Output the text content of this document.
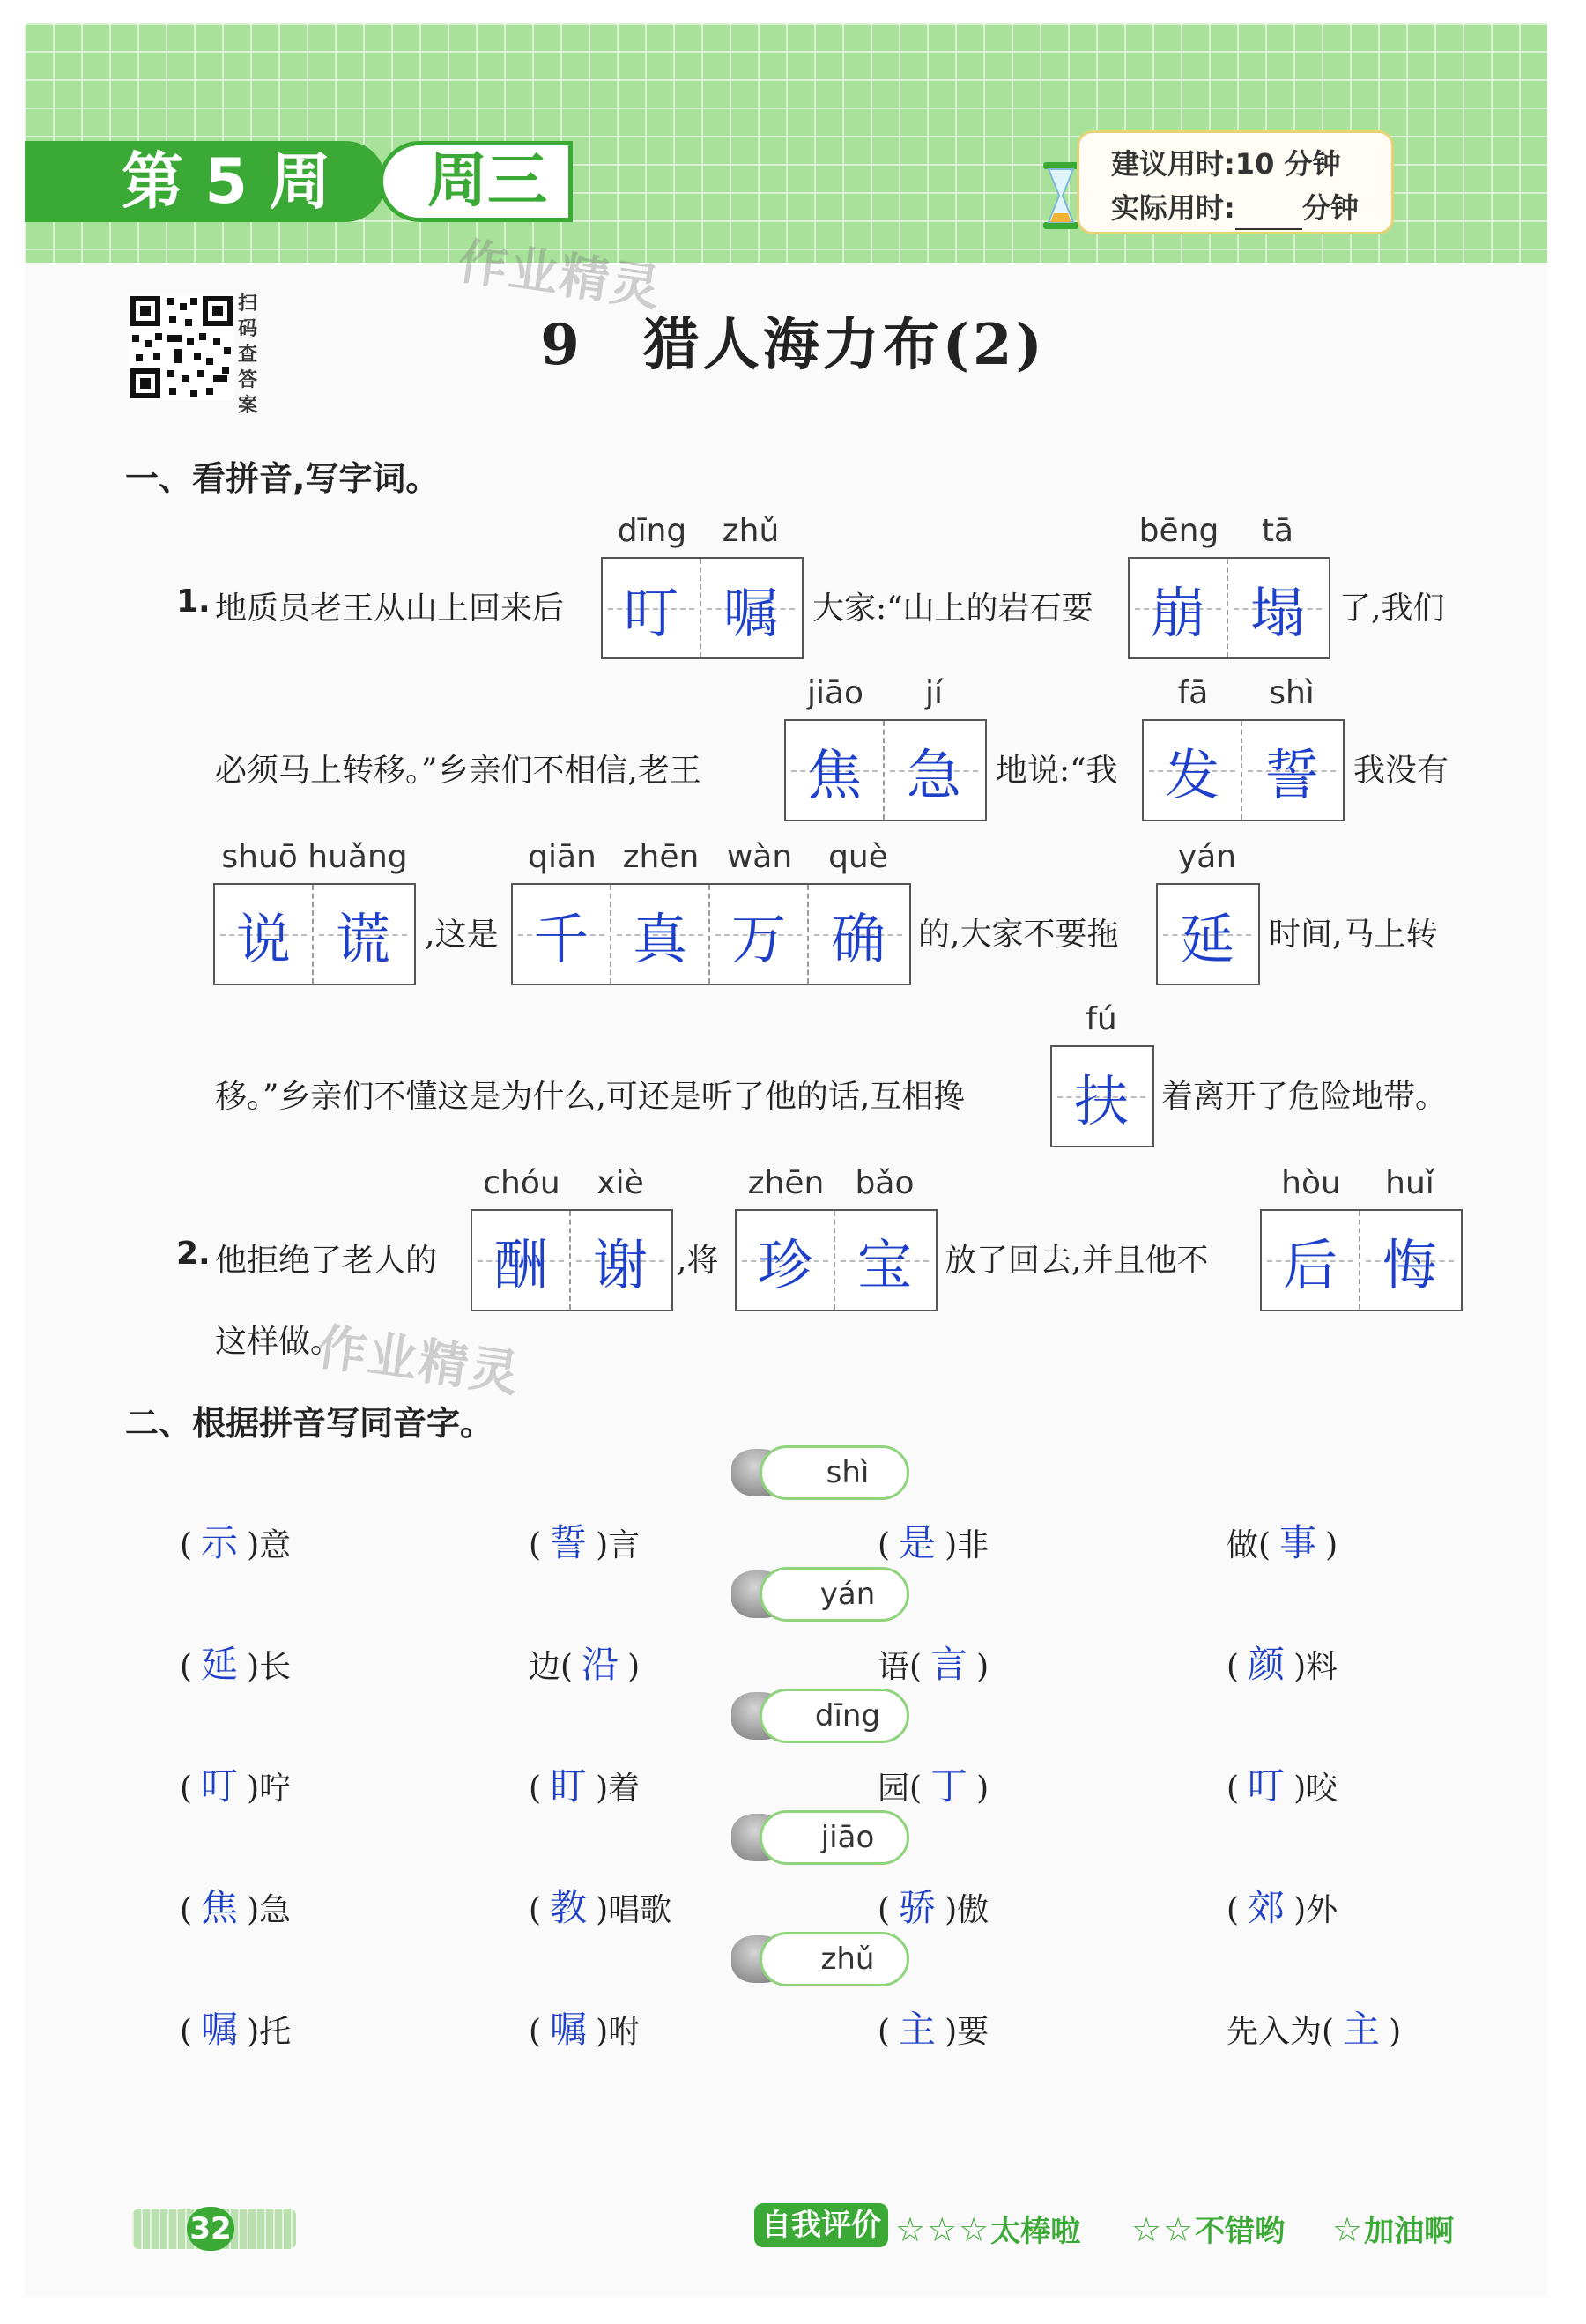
第 5 周	周三	建议用时:10 分钟
实际用时: 分钟
作业精灵
作业精灵
扫码查答案
9　猎人海力布(2)
一、看拼音,写字词。
1. 地质员老王从山上回来后
dīng	zhǔ
叮 嘱 大家:“山上的岩石要
bēng	tā
崩 塌 了,我们
必须马上转移。”乡亲们不相信,老王
jiāo	jí
焦 急 地说:“我
fā	shì
发 誓 我没有
shuō huǎng
说 谎 ,这是
qiān zhēn wàn	què
千 真 万 确 的,大家不要拖
yán
延 时间,马上转
移。”乡亲们不懂这是为什么,可还是听了他的话,互相搀
fú
扶 着离开了危险地带。
2. 他拒绝了老人的
chóu	xiè
酬 谢 ,将
zhēn bǎo
珍 宝 放了回去,并且他不
hòu	huǐ
后 悔
这样做。
二、根据拼音写同音字。
shì
( 示 )意	( 誓 )言	( 是 )非	做( 事 )
yán
( 延 )长	边( 沿 )	语( 言 )	( 颜 )料
dīng
( 叮 )咛	( 盯 )着	园( 丁 )	( 叮 )咬
jiāo
( 焦 )急	( 教 )唱歌	( 骄 )傲	( 郊 )外
zhǔ
( 嘱 )托	( 嘱 )咐	( 主 )要	先入为( 主 )
32	自我评价 ☆☆☆太棒啦 ☆☆不错哟 ☆加油啊
